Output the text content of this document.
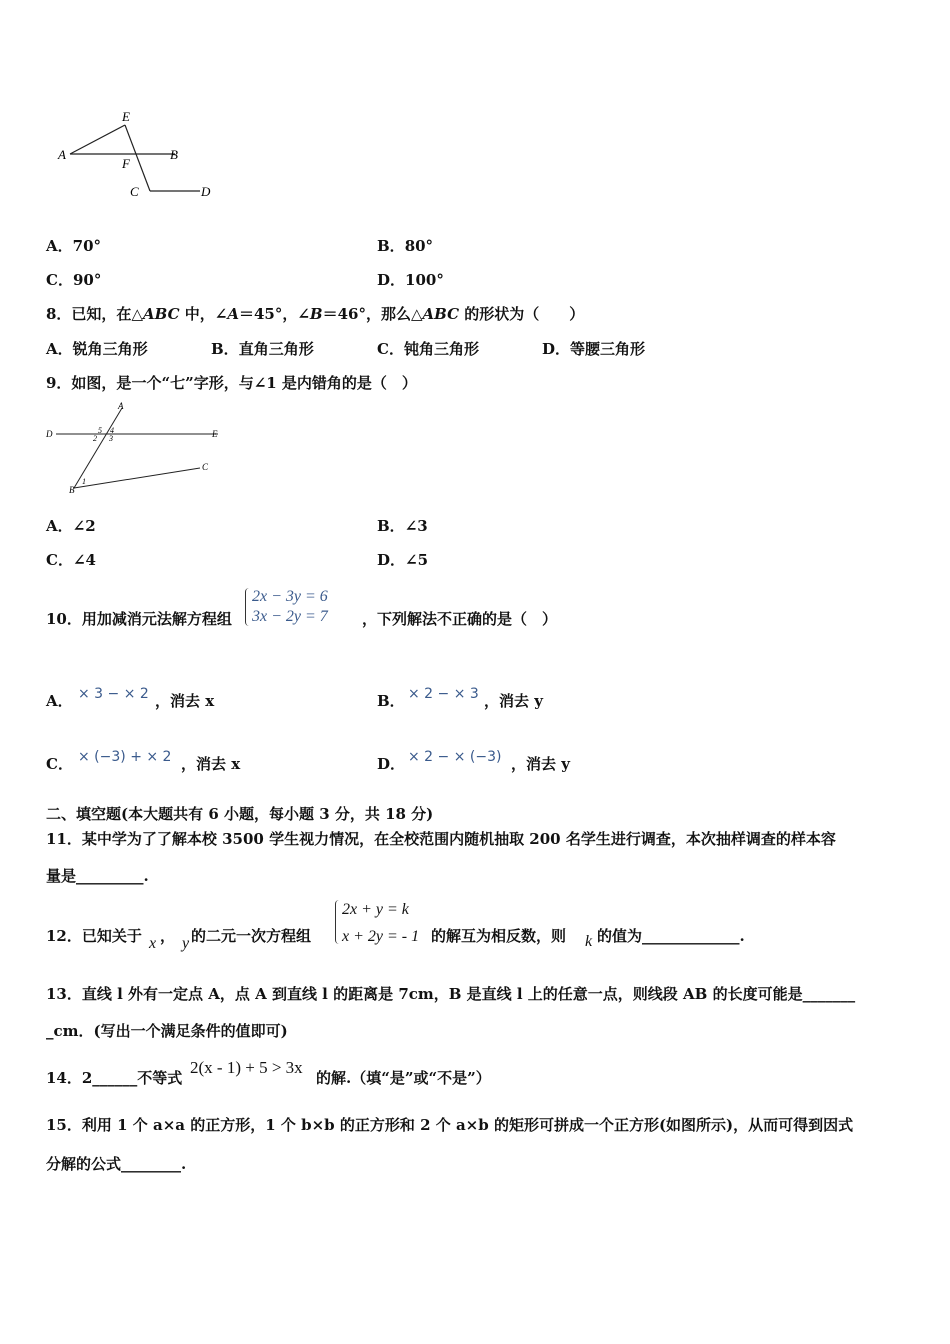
A
E
F
B
C	D
A．70°	B．80°
C．90°	D．100°
8．已知，在△ABC 中，∠A＝45°，∠B＝46°，那么△ABC 的形状为（　　）
A．锐角三角形	B．直角三角形	C．钝角三角形	D．等腰三角形
9．如图，是一个“七”字形，与∠1 是内错角的是（　）
A
D	E
C
B
1
2 3
4
5
A．∠2	B．∠3
C．∠4	D．∠5
10．用加减消元法解方程组
2x − 3y = 6
3x − 2y = 7 ，下列解法不正确的是（　）
A． × 3 − × 2 ，消去 x	B． × 2 − × 3 ，消去 y
C． × (−3) + × 2 ，消去 x	D． × 2 − × (−3) ，消去 y
二、填空题(本大题共有 6 小题，每小题 3 分，共 18 分)
11．某中学为了了解本校 3500 学生视力情况，在全校范围内随机抽取 200 名学生进行调查，本次抽样调查的样本容
量是_________.
12．已知关于 x ， y 的二元一次方程组
2x + y = k
x + 2y = - 1 的解互为相反数，则 k 的值为_____________.
13．直线 l 外有一定点 A，点 A 到直线 l 的距离是 7cm，B 是直线 l 上的任意一点，则线段 AB 的长度可能是_______
_cm．(写出一个满足条件的值即可)
14．2______不等式
2(x - 1) + 5 > 3x
的解.（填“是”或“不是”）
15．利用 1 个 a×a 的正方形，1 个 b×b 的正方形和 2 个 a×b 的矩形可拼成一个正方形(如图所示)，从而可得到因式
分解的公式________.
